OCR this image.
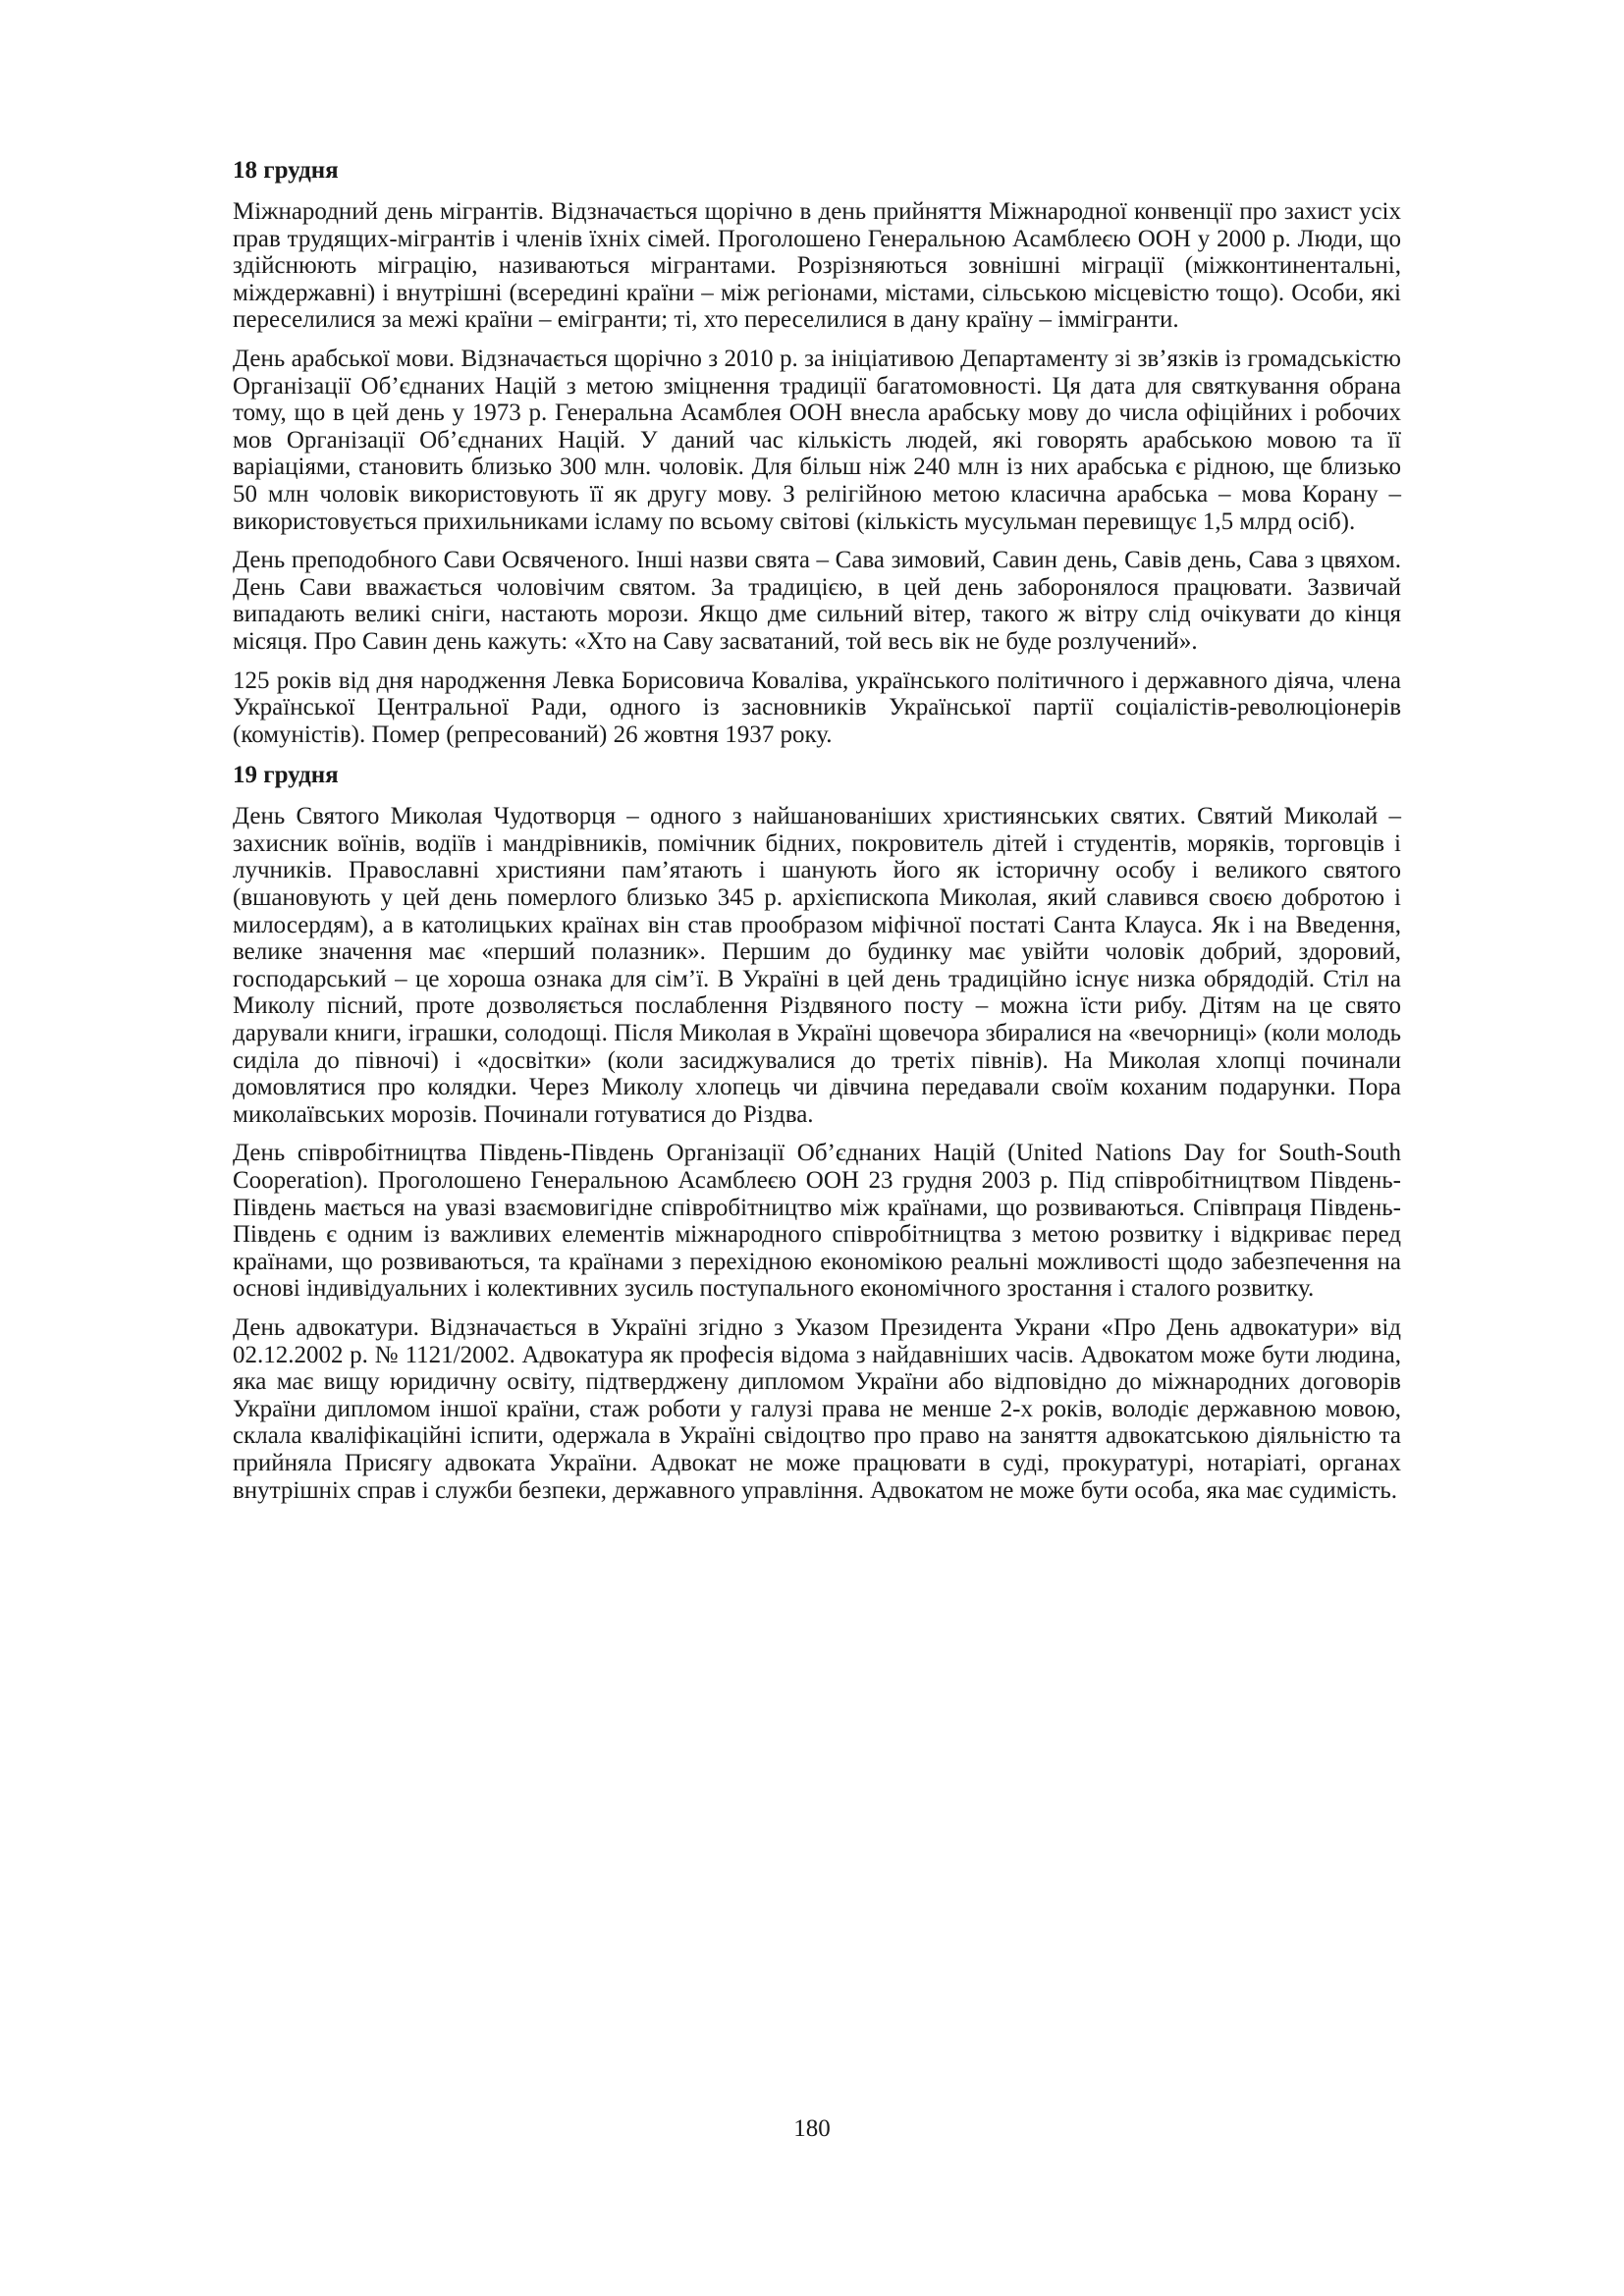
18 грудня

Міжнародний день мігрантів. Відзначається щорічно в день прийняття Міжнародної конвенції про захист усіх прав трудящих-мігрантів і членів їхніх сімей. Проголошено Генеральною Асамблеєю ООН у 2000 р. Люди, що здійснюють міграцію, називаються мігрантами. Розрізняються зовнішні міграції (міжконтинентальні, міждержавні) і внутрішні (всередині країни – між регіонами, містами, сільською місцевістю тощо). Особи, які переселилися за межі країни – емігранти; ті, хто переселилися в дану країну – іммігранти.

День арабської мови. Відзначається щорічно з 2010 р. за ініціативою Департаменту зі зв’язків із громадськістю Організації Об’єднаних Націй з метою зміцнення традиції багатомовності. Ця дата для святкування обрана тому, що в цей день у 1973 р. Генеральна Асамблея ООН внесла арабську мову до числа офіційних і робочих мов Організації Об’єднаних Націй. У даний час кількість людей, які говорять арабською мовою та її варіаціями, становить близько 300 млн. чоловік. Для більш ніж 240 млн із них арабська є рідною, ще близько 50 млн чоловік використовують її як другу мову. З релігійною метою класична арабська – мова Корану – використовується прихильниками ісламу по всьому світові (кількість мусульман перевищує 1,5 млрд осіб).

День преподобного Сави Освяченого. Інші назви свята – Сава зимовий, Савин день, Савів день, Сава з цвяхом. День Сави вважається чоловічим святом. За традицією, в цей день заборонялося працювати. Зазвичай випадають великі сніги, настають морози. Якщо дме сильний вітер, такого ж вітру слід очікувати до кінця місяця. Про Савин день кажуть: «Хто на Саву засватаний, той весь вік не буде розлучений».

125 років від дня народження Левка Борисовича Коваліва, українського політичного і державного діяча, члена Української Центральної Ради, одного із засновників Української партії соціалістів-революціонерів (комуністів). Помер (репресований) 26 жовтня 1937 року.

19 грудня

День Святого Миколая Чудотворця – одного з найшанованіших християнських святих. Святий Миколай – захисник воїнів, водіїв і мандрівників, помічник бідних, покровитель дітей і студентів, моряків, торговців і лучників. Православні християни пам’ятають і шанують його як історичну особу і великого святого (вшановують у цей день померлого близько 345 р. архієпископа Миколая, який славився своєю добротою і милосердям), а в католицьких країнах він став прообразом міфічної постаті Санта Клауса. Як і на Введення, велике значення має «перший полазник». Першим до будинку має увійти чоловік добрий, здоровий, господарський – це хороша ознака для сім’ї. В Україні в цей день традиційно існує низка обрядодій. Стіл на Миколу пісний, проте дозволяється послаблення Різдвяного посту – можна їсти рибу. Дітям на це свято дарували книги, іграшки, солодощі. Після Миколая в Україні щовечора збиралися на «вечорниці» (коли молодь сиділа до півночі) і «досвітки» (коли засиджувалися до третіх півнів). На Миколая хлопці починали домовлятися про колядки. Через Миколу хлопець чи дівчина передавали своїм коханим подарунки. Пора миколаївських морозів. Починали готуватися до Різдва.

День співробітництва Південь-Південь Організації Об’єднаних Націй (United Nations Day for South-South Cooperation). Проголошено Генеральною Асамблеєю ООН 23 грудня 2003 р. Під співробітництвом Південь-Південь мається на увазі взаємовигідне співробітництво між країнами, що розвиваються. Співпраця Південь-Південь є одним із важливих елементів міжнародного співробітництва з метою розвитку і відкриває перед країнами, що розвиваються, та країнами з перехідною економікою реальні можливості щодо забезпечення на основі індивідуальних і колективних зусиль поступального економічного зростання і сталого розвитку.

День адвокатури. Відзначається в Україні згідно з Указом Президента Украни «Про День адвокатури» від 02.12.2002 р. № 1121/2002. Адвокатура як професія відома з найдавніших часів. Адвокатом може бути людина, яка має вищу юридичну освіту, підтверджену дипломом України або відповідно до міжнародних договорів України дипломом іншої країни, стаж роботи у галузі права не менше 2-х років, володіє державною мовою, склала кваліфікаційні іспити, одержала в Україні свідоцтво про право на заняття адвокатською діяльністю та прийняла Присягу адвоката України. Адвокат не може працювати в суді, прокуратурі, нотаріаті, органах внутрішніх справ і служби безпеки, державного управління. Адвокатом не може бути особа, яка має судимість.

180
